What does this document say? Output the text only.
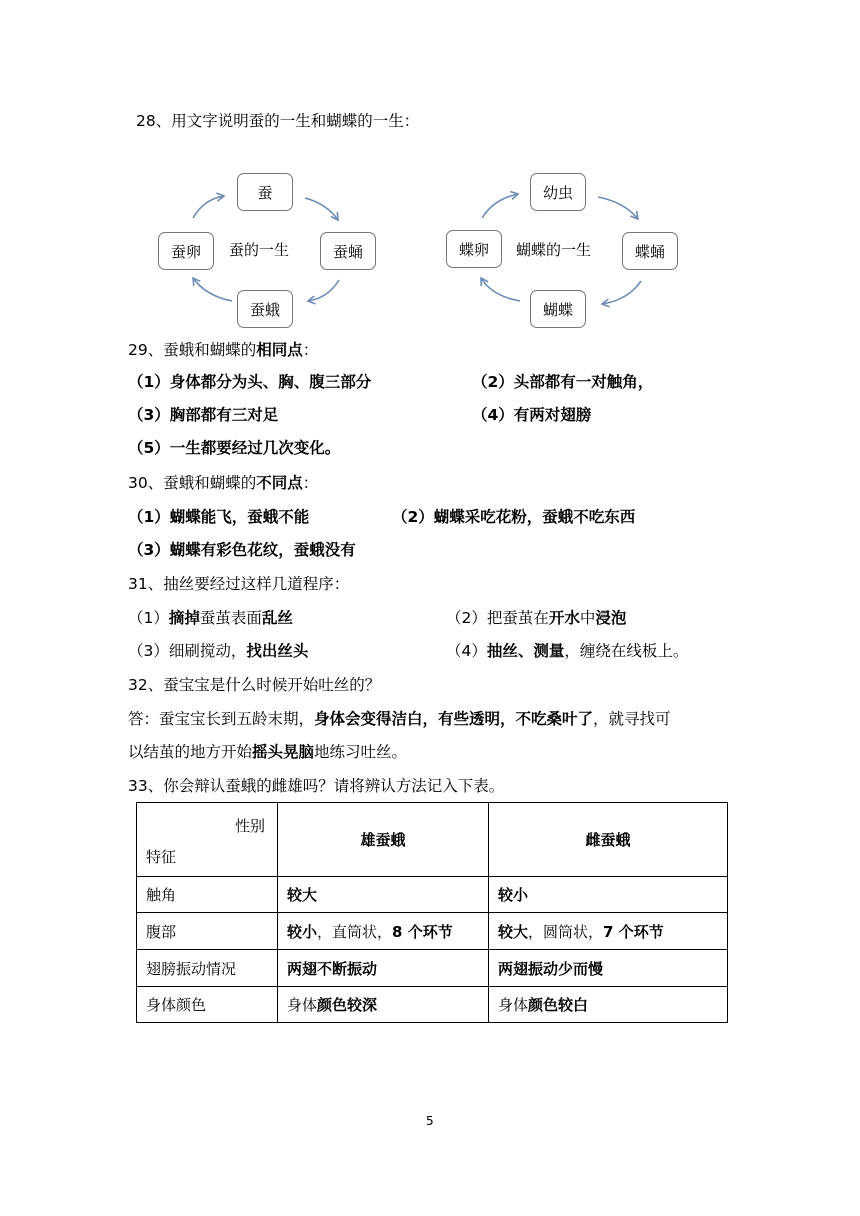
28、用文字说明蚕的一生和蝴蝶的一生：
蚕
蚕蛹
蚕蛾
蚕卵	蚕的一生
幼虫
蝶蛹
蝴蝶
蝶卵	蝴蝶的一生
29、蚕蛾和蝴蝶的相同点：
（1）身体都分为头、胸、腹三部分	（2）头部都有一对触角，
（3）胸部都有三对足	（4）有两对翅膀
（5）一生都要经过几次变化。
30、蚕蛾和蝴蝶的不同点：
（1）蝴蝶能飞，蚕蛾不能	（2）蝴蝶采吃花粉，蚕蛾不吃东西
（3）蝴蝶有彩色花纹，蚕蛾没有
31、抽丝要经过这样几道程序：
（1）摘掉蚕茧表面乱丝	（2）把蚕茧在开水中浸泡
（3）细刷搅动，找出丝头	（4）抽丝、测量，缠绕在线板上。
32、蚕宝宝是什么时候开始吐丝的？
答：蚕宝宝长到五龄末期，身体会变得洁白，有些透明，不吃桑叶了，就寻找可
以结茧的地方开始摇头晃脑地练习吐丝。
33、你会辩认蚕蛾的雌雄吗？请将辨认方法记入下表。
性别
特征	雄蚕蛾	雌蚕蛾
触角	较大	较小
腹部	较小，直筒状，8 个环节	较大，圆筒状，7 个环节
翅膀振动情况	两翅不断振动	两翅振动少而慢
身体颜色	身体颜色较深	身体颜色较白
5
